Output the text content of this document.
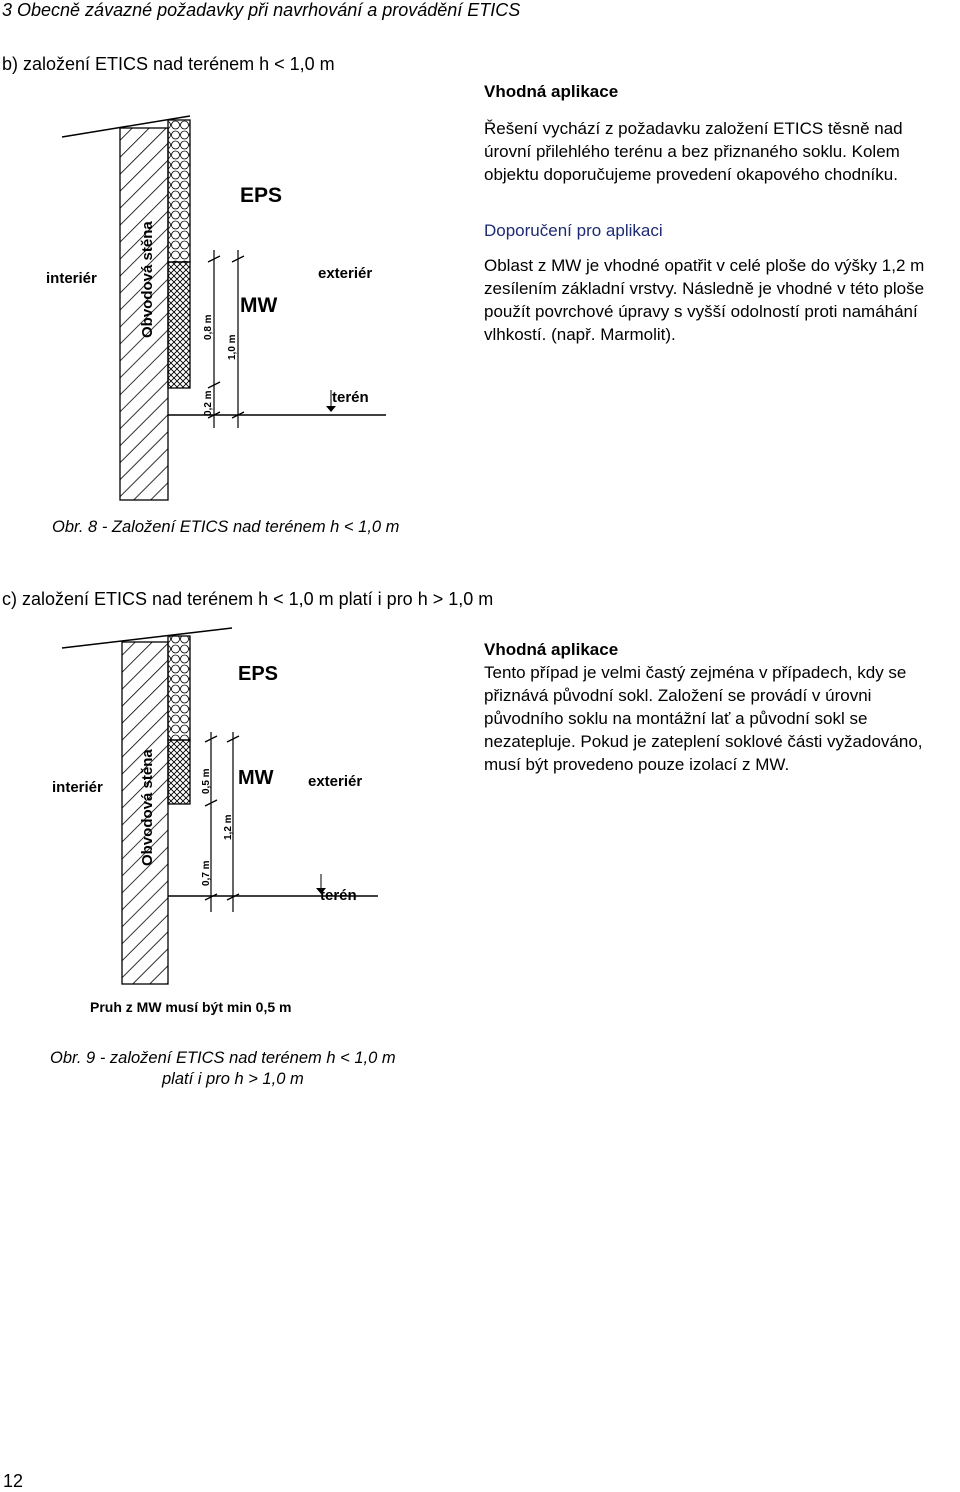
3 Obecně závazné požadavky při navrhování a provádění ETICS
b) založení ETICS nad terénem h < 1,0 m
Vhodná aplikace
Řešení vychází z požadavku založení ETICS těsně nad úrovní přilehlého terénu a bez přiznaného soklu. Kolem objektu doporučujeme provedení okapového chodníku.
Doporučení pro aplikaci
Oblast z MW je vhodné opatřit v celé ploše do výšky 1,2 m zesílením základní vrstvy. Následně je vhodné v této ploše použít povrchové úpravy s vyšší odolností proti namáhání vlhkostí. (např. Marmolit).
EPS
MW
interiér	exteriér
terén
Obvodová stěna	0,8 m
1,0 m
0,2 m
Obr. 8 - Založení ETICS nad terénem h < 1,0 m
c) založení ETICS nad terénem h < 1,0 m platí i pro h > 1,0 m
Vhodná aplikace
Tento případ je velmi častý zejména v případech, kdy se přiznává původní sokl. Založení se provádí v úrovni původního soklu na montážní lať a původní sokl se nezatepluje. Pokud je zateplení soklové části vyžadováno, musí být provedeno pouze izolací z MW.
EPS
MW
interiér	exteriér
terén
Obvodová stěna	0,5 m
1,2 m
0,7 m
Pruh z MW musí být min 0,5 m
Obr. 9 - založení ETICS nad terénem h < 1,0 m
platí i pro h > 1,0 m
12
